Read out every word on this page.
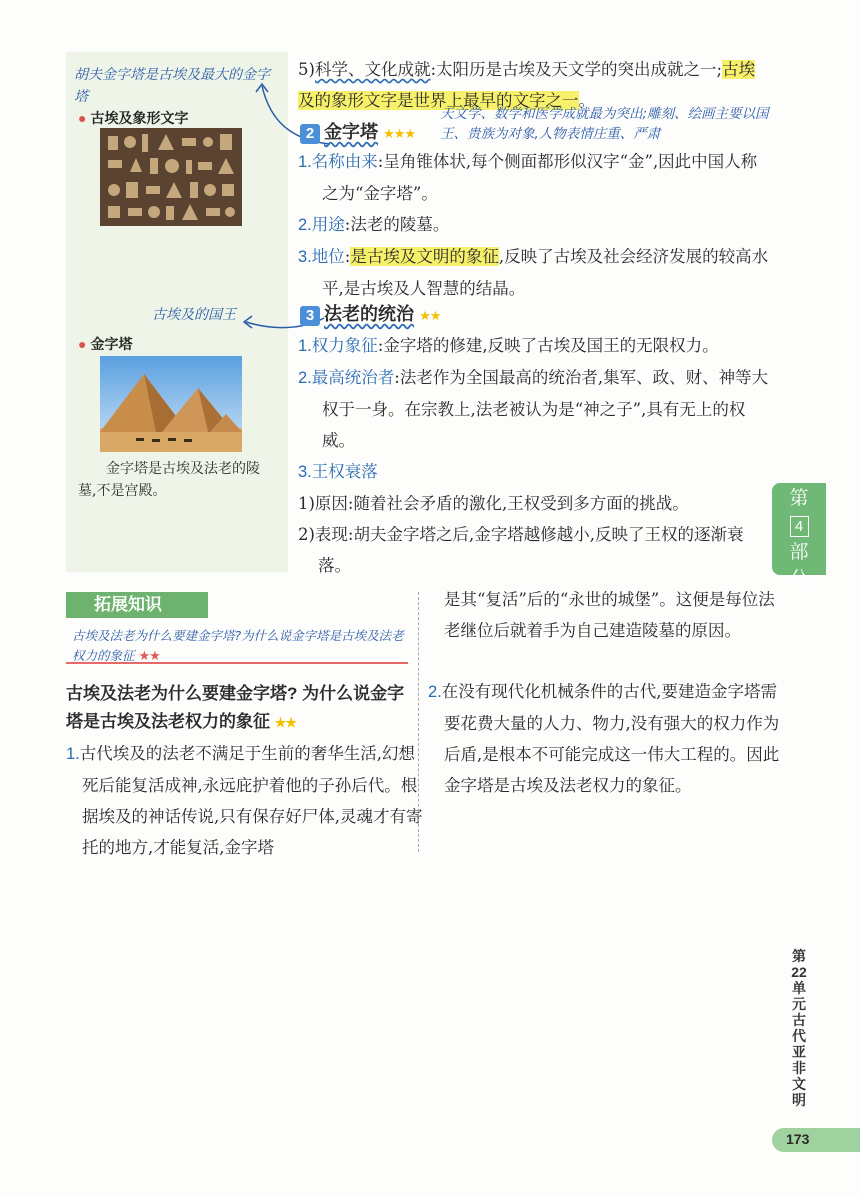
胡夫金字塔是古埃及最大的金字塔
● 古埃及象形文字
古埃及的国王
● 金字塔
金字塔是古埃及法老的陵墓,不是宫殿。
5)科学、文化成就:太阳历是古埃及天文学的突出成就之一;古埃及的象形文字是世界上最早的文字之一。
天文学、数学和医学成就最为突出;雕刻、绘画主要以国王、贵族为对象,人物表情庄重、严肃
2 金字塔 ★★★
1.名称由来:呈角锥体状,每个侧面都形似汉字“金”,因此中国人称之为“金字塔”。
2.用途:法老的陵墓。
3.地位:是古埃及文明的象征,反映了古埃及社会经济发展的较高水平,是古埃及人智慧的结晶。
3 法老的统治 ★★
1.权力象征:金字塔的修建,反映了古埃及国王的无限权力。
2.最高统治者:法老作为全国最高的统治者,集军、政、财、神等大权于一身。在宗教上,法老被认为是“神之子”,具有无上的权威。
3.王权衰落
1)原因:随着社会矛盾的激化,王权受到多方面的挑战。
2)表现:胡夫金字塔之后,金字塔越修越小,反映了王权的逐渐衰落。
第
4
部
分
拓展知识
古埃及法老为什么要建金字塔?为什么说金字塔是古埃及法老权力的象征 ★★
古埃及法老为什么要建金字塔? 为什么说金字塔是古埃及法老权力的象征 ★★
1.古代埃及的法老不满足于生前的奢华生活,幻想死后能复活成神,永远庇护着他的子孙后代。根据埃及的神话传说,只有保存好尸体,灵魂才有寄托的地方,才能复活,金字塔
是其“复活”后的“永世的城堡”。这便是每位法老继位后就着手为自己建造陵墓的原因。
2.在没有现代化机械条件的古代,要建造金字塔需要花费大量的人力、物力,没有强大的权力作为后盾,是根本不可能完成这一伟大工程的。因此金字塔是古埃及法老权力的象征。
第22单元 古代亚非文明
173
